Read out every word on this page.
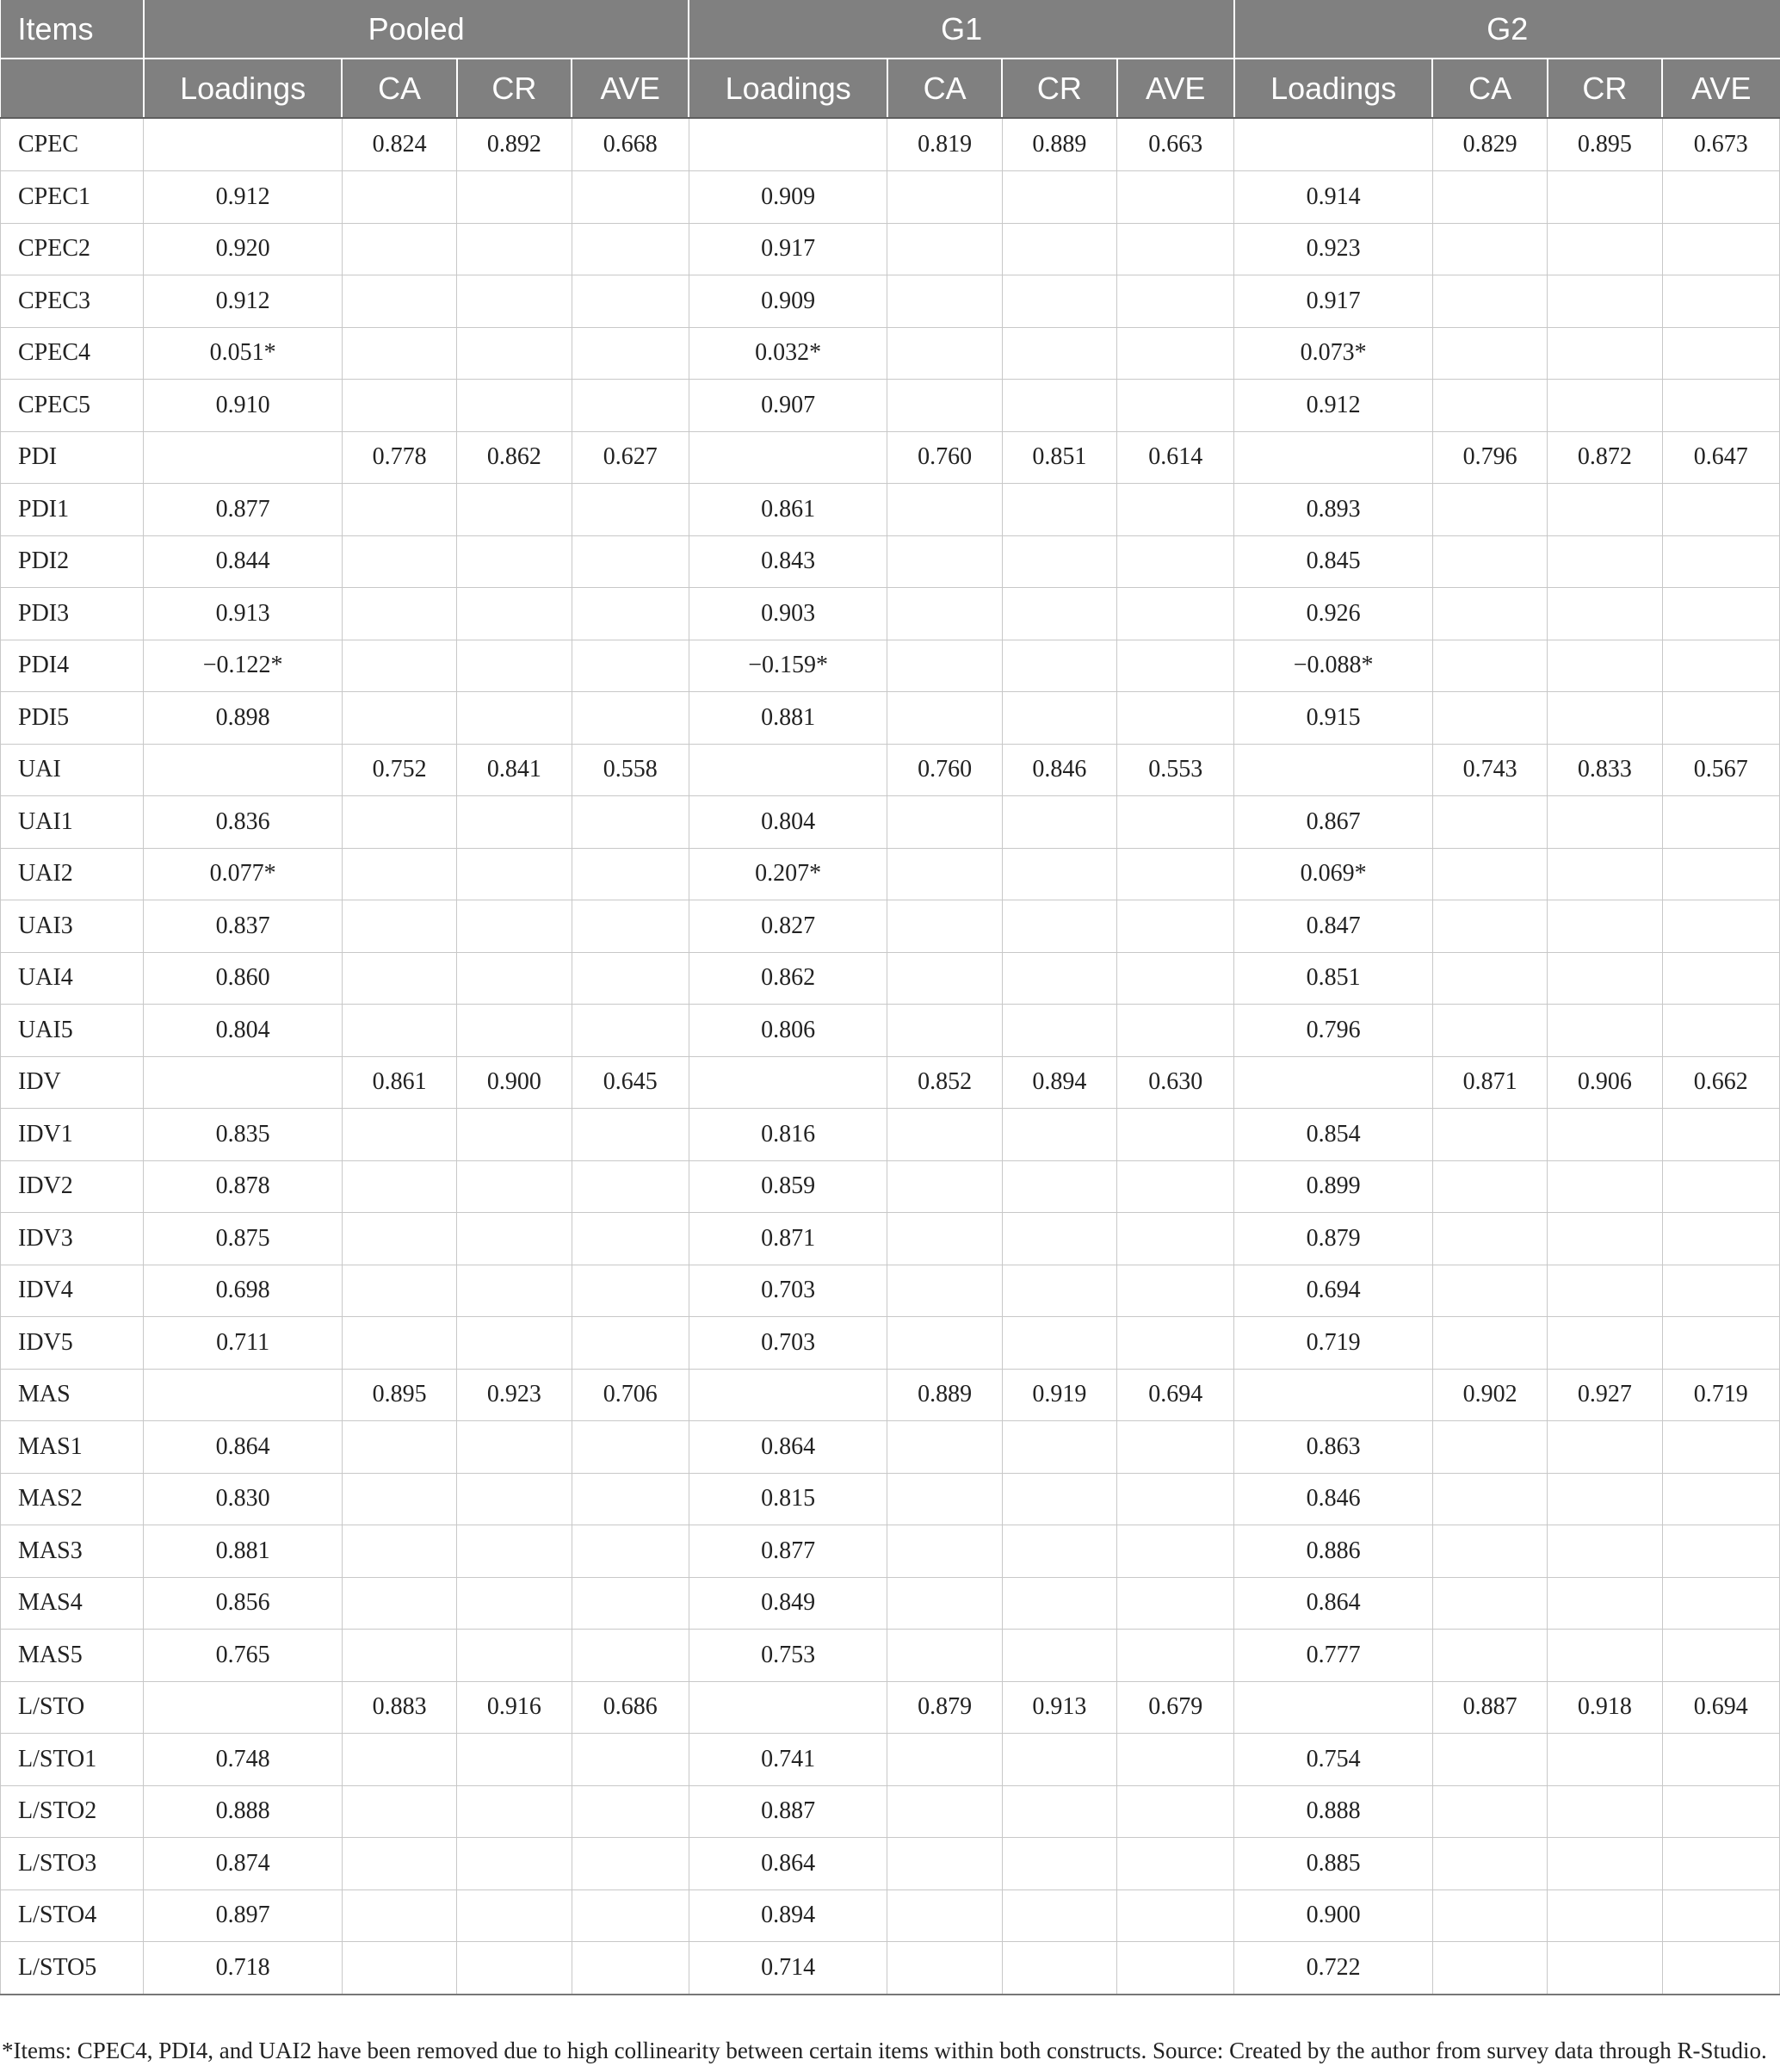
Items	Pooled				G1				G2			
	Loadings	CA	CR	AVE	Loadings	CA	CR	AVE	Loadings	CA	CR	AVE
CPEC		0.824	0.892	0.668		0.819	0.889	0.663		0.829	0.895	0.673
CPEC1	0.912				0.909				0.914			
CPEC2	0.920				0.917				0.923			
CPEC3	0.912				0.909				0.917			
CPEC4	0.051*				0.032*				0.073*			
CPEC5	0.910				0.907				0.912			
PDI		0.778	0.862	0.627		0.760	0.851	0.614		0.796	0.872	0.647
PDI1	0.877				0.861				0.893			
PDI2	0.844				0.843				0.845			
PDI3	0.913				0.903				0.926			
PDI4	−0.122*				−0.159*				−0.088*			
PDI5	0.898				0.881				0.915			
UAI		0.752	0.841	0.558		0.760	0.846	0.553		0.743	0.833	0.567
UAI1	0.836				0.804				0.867			
UAI2	0.077*				0.207*				0.069*			
UAI3	0.837				0.827				0.847			
UAI4	0.860				0.862				0.851			
UAI5	0.804				0.806				0.796			
IDV		0.861	0.900	0.645		0.852	0.894	0.630		0.871	0.906	0.662
IDV1	0.835				0.816				0.854			
IDV2	0.878				0.859				0.899			
IDV3	0.875				0.871				0.879			
IDV4	0.698				0.703				0.694			
IDV5	0.711				0.703				0.719			
MAS		0.895	0.923	0.706		0.889	0.919	0.694		0.902	0.927	0.719
MAS1	0.864				0.864				0.863			
MAS2	0.830				0.815				0.846			
MAS3	0.881				0.877				0.886			
MAS4	0.856				0.849				0.864			
MAS5	0.765				0.753				0.777			
L/STO		0.883	0.916	0.686		0.879	0.913	0.679		0.887	0.918	0.694
L/STO1	0.748				0.741				0.754			
L/STO2	0.888				0.887				0.888			
L/STO3	0.874				0.864				0.885			
L/STO4	0.897				0.894				0.900			
L/STO5	0.718				0.714				0.722			
*Items: CPEC4, PDI4, and UAI2 have been removed due to high collinearity between certain items within both constructs. Source: Created by the author from survey data through R-Studio.
